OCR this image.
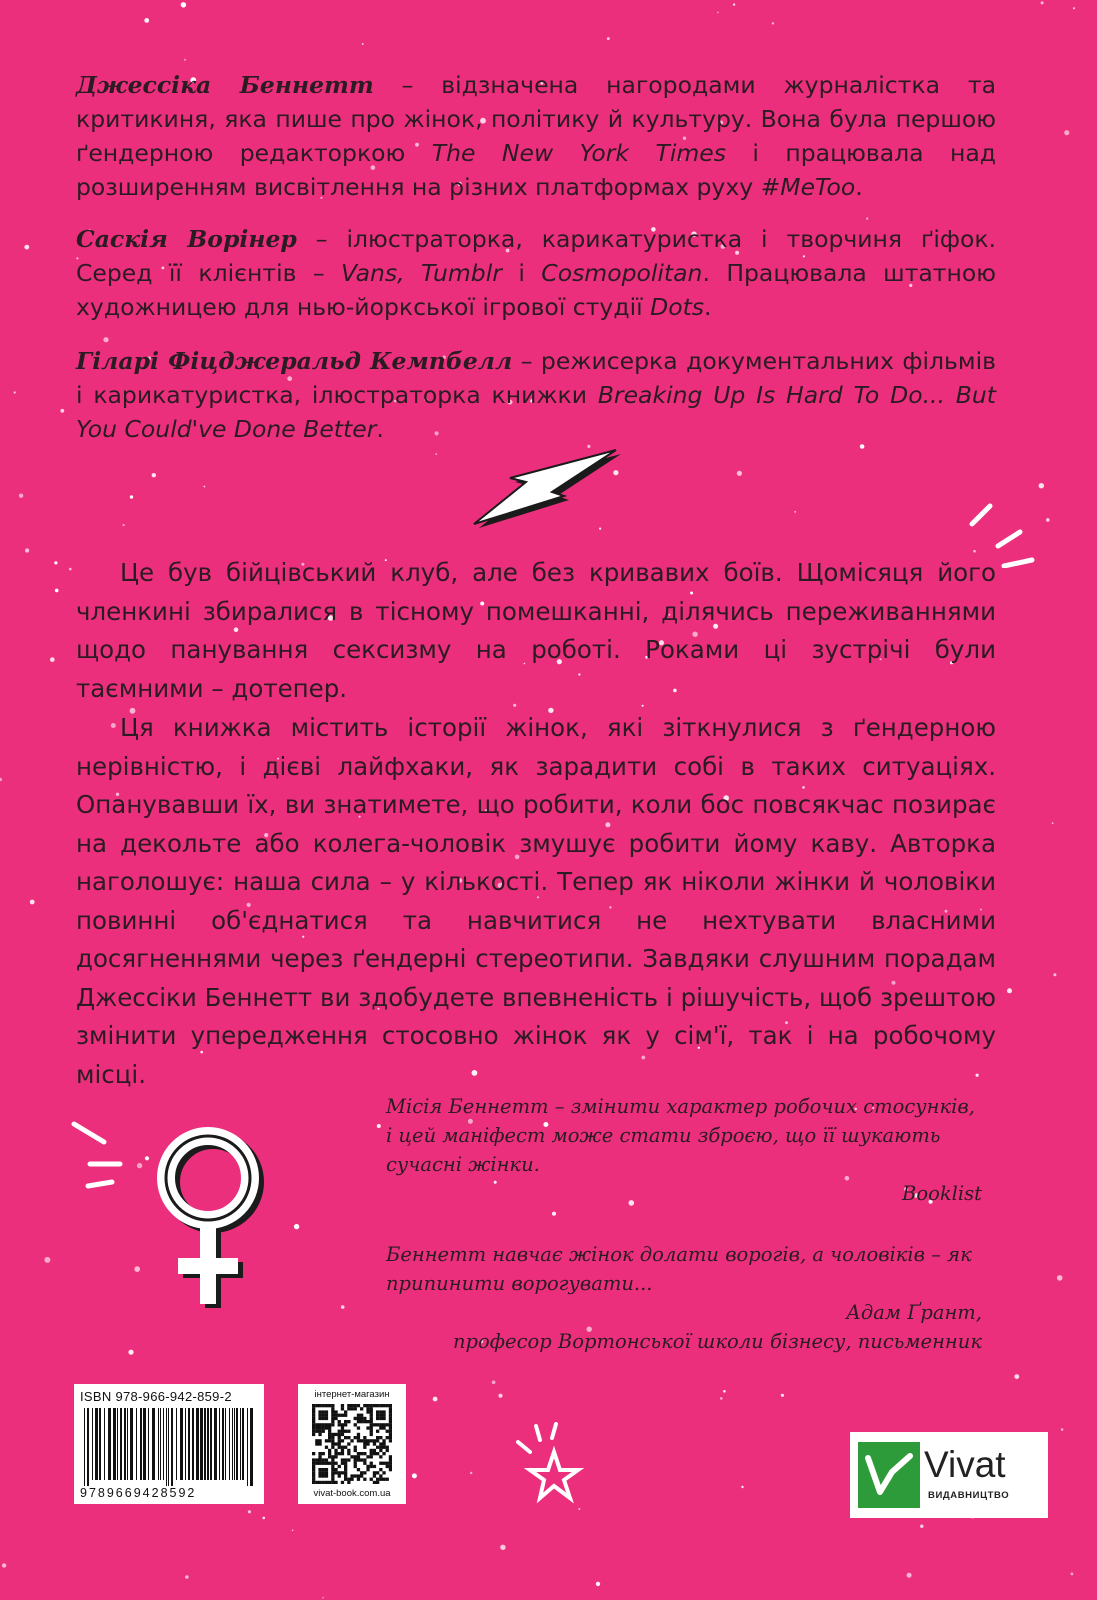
Джессіка Беннетт – відзначена нагородами журналістка та критикиня, яка пише про жінок, політику й культуру. Вона була першою ґендерною редакторкою The New York Times і працювала над розширенням висвітлення на різних платформах руху #MeToo.
Саскія Ворінер – ілюстраторка, карикатуристка і творчиня ґіфок. Серед її клієнтів – Vans, Tumblr і Cosmopolitan. Працювала штатною художницею для нью-йоркської ігрової студії Dots.
Гіларі Фіцджеральд Кемпбелл – режисерка документальних фільмів і карикатуристка, ілюстраторка книжки Breaking Up Is Hard To Do... But You Could've Done Better.

Це був бійцівський клуб, але без кривавих боїв. Щомісяця його членкині збиралися в тісному помешканні, ділячись переживаннями щодо панування сексизму на роботі. Роками ці зустрічі були таємними – дотепер.

Ця книжка містить історії жінок, які зіткнулися з ґендерною нерівністю, і дієві лайфхаки, як зарадити собі в таких ситуаціях. Опанувавши їх, ви знатимете, що робити, коли бос повсякчас позирає на декольте або колега-чоловік змушує робити йому каву. Авторка наголошує: наша сила – у кількості. Тепер як ніколи жінки й чоловіки повинні об'єднатися та навчитися не нехтувати власними досягненнями через ґендерні стереотипи. Завдяки слушним порадам Джессіки Беннетт ви здобудете впевненість і рішучість, щоб зрештою змінити упередження стосовно жінок як у сім'ї, так і на робочому місці.

Місія Беннетт – змінити характер робочих стосунків, і цей маніфест може стати зброєю, що її шукають сучасні жінки.
Booklist
Беннетт навчає жінок долати ворогів, а чоловіків – як припинити ворогувати...
Адам Ґрант,
професор Вортонської школи бізнесу, письменник
ISBN 978-966-942-859-2
9789669428592
інтернет-магазин
vivat-book.com.ua
Vivat
ВИДАВНИЦТВО
